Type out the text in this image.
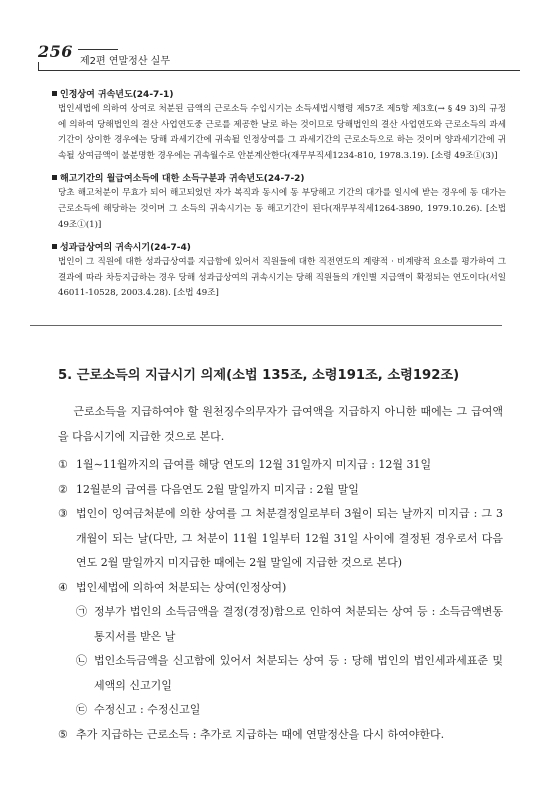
256
제2편 연말정산 실무
인정상여 귀속년도(24-7-1)
법인세법에 의하여 상여로 처분된 금액의 근로소득 수입시기는 소득세법시행령 제57조 제5항 제3호(→ § 49 3)의 규정에 의하여 당해법인의 결산 사업연도중 근로를 제공한 날로 하는 것이므로 당해법인의 결산 사업연도와 근로소득의 과세기간이 상이한 경우에는 당해 과세기간에 귀속될 인정상여를 그 과세기간의 근로소득으로 하는 것이며 양과세기간에 귀속될 상여금액이 불분명한 경우에는 귀속월수로 안분계산한다(재무부직세1234-810, 1978.3.19). [소령 49조①(3)]
해고기간의 월급여소득에 대한 소득구분과 귀속년도(24-7-2)
당초 해고처분이 무효가 되어 해고되었던 자가 복직과 동시에 동 부당해고 기간의 대가를 일시에 받는 경우에 동 대가는 근로소득에 해당하는 것이며 그 소득의 귀속시기는 동 해고기간이 된다(재무부직세1264-3890, 1979.10.26). [소법 49조①(1)]
성과급상여의 귀속시기(24-7-4)
법인이 그 직원에 대한 성과급상여를 지급함에 있어서 직원들에 대한 직전연도의 계량적 · 비계량적 요소를 평가하여 그 결과에 따라 차등지급하는 경우 당해 성과급상여의 귀속시기는 당해 직원들의 개인별 지급액이 확정되는 연도이다(서일46011-10528, 2003.4.28). [소법 49조]
5. 근로소득의 지급시기 의제(소법 135조, 소령191조, 소령192조)
근로소득을 지급하여야 할 원천징수의무자가 급여액을 지급하지 아니한 때에는 그 급여액을 다음시기에 지급한 것으로 본다.
① 1월∼11월까지의 급여를 해당 연도의 12월 31일까지 미지급 : 12월 31일
② 12월분의 급여를 다음연도 2월 말일까지 미지급 : 2월 말일
③ 법인이 잉여금처분에 의한 상여를 그 처분결정일로부터 3월이 되는 날까지 미지급 : 그 3개월이 되는 날(다만, 그 처분이 11월 1일부터 12월 31일 사이에 결정된 경우로서 다음연도 2월 말일까지 미지급한 때에는 2월 말일에 지급한 것으로 본다)
④ 법인세법에 의하여 처분되는 상여(인정상여)
㉠ 정부가 법인의 소득금액을 결정(경정)함으로 인하여 처분되는 상여 등 : 소득금액변동통지서를 받은 날
㉡ 법인소득금액을 신고함에 있어서 처분되는 상여 등 : 당해 법인의 법인세과세표준 및 세액의 신고기일
㉢ 수정신고 : 수정신고일
⑤ 추가 지급하는 근로소득 : 추가로 지급하는 때에 연말정산을 다시 하여야한다.
